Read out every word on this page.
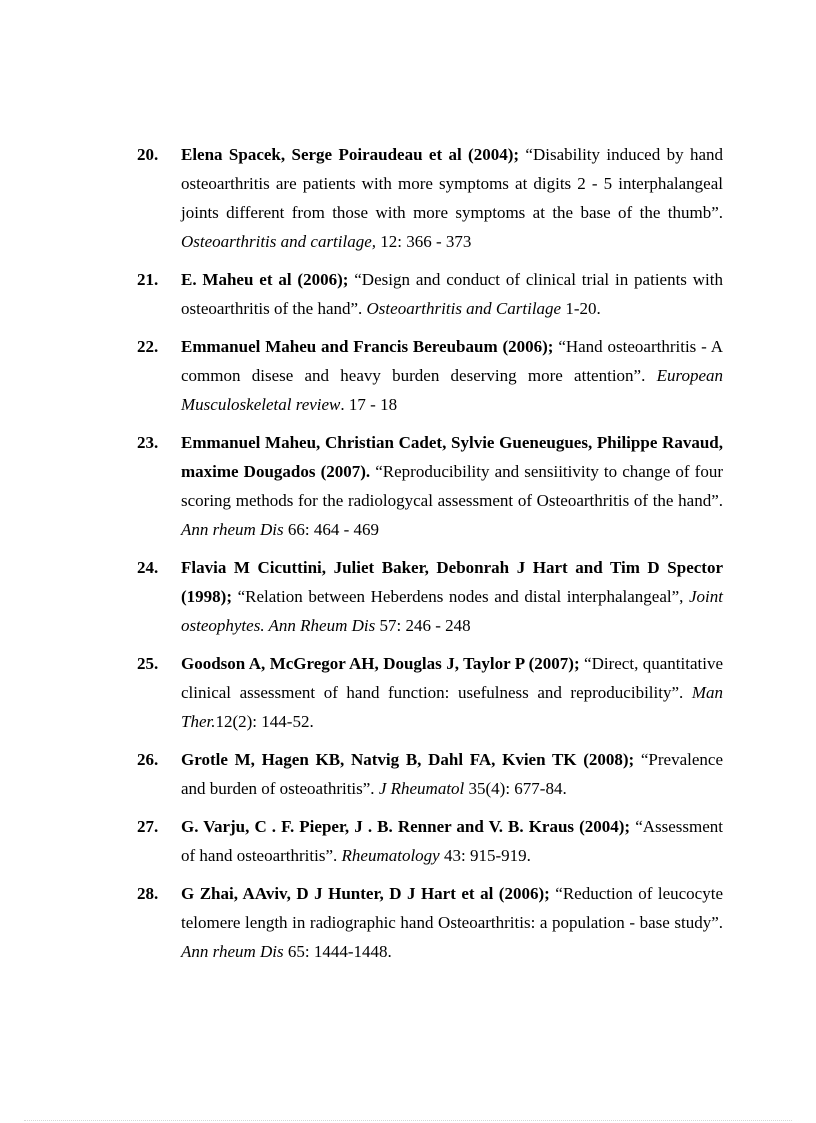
20. Elena Spacek, Serge Poiraudeau et al (2004); “Disability induced by hand osteoarthritis are patients with more symptoms at digits 2 - 5 interphalangeal joints different from those with more symptoms at the base of the thumb”. Osteoarthritis and cartilage, 12: 366 - 373
21. E. Maheu et al (2006); “Design and conduct of clinical trial in patients with osteoarthritis of the hand”. Osteoarthritis and Cartilage 1-20.
22. Emmanuel Maheu and Francis Bereubaum (2006); “Hand osteoarthritis - A common disese and heavy burden deserving more attention”. European Musculoskeletal review. 17 - 18
23. Emmanuel Maheu, Christian Cadet, Sylvie Gueneugues, Philippe Ravaud, maxime Dougados (2007). “Reproducibility and sensiitivity to change of four scoring methods for the radiologycal assessment of Osteoarthritis of the hand”. Ann rheum Dis 66: 464 - 469
24. Flavia M Cicuttini, Juliet Baker, Debonrah J Hart and Tim D Spector (1998); “Relation between Heberdens nodes and distal interphalangeal”, Joint osteophytes. Ann Rheum Dis 57: 246 - 248
25. Goodson A, McGregor AH, Douglas J, Taylor P (2007); “Direct, quantitative clinical assessment of hand function: usefulness and reproducibility”. Man Ther.12(2): 144-52.
26. Grotle M, Hagen KB, Natvig B, Dahl FA, Kvien TK (2008); “Prevalence and burden of osteoathritis”. J Rheumatol 35(4): 677-84.
27. G. Varju, C . F. Pieper, J . B. Renner and V. B. Kraus (2004); “Assessment of hand osteoarthritis”. Rheumatology 43: 915-919.
28. G Zhai, AAviv, D J Hunter, D J Hart et al (2006); “Reduction of leucocyte telomere length in radiographic hand Osteoarthritis: a population - base study”. Ann rheum Dis 65: 1444-1448.
